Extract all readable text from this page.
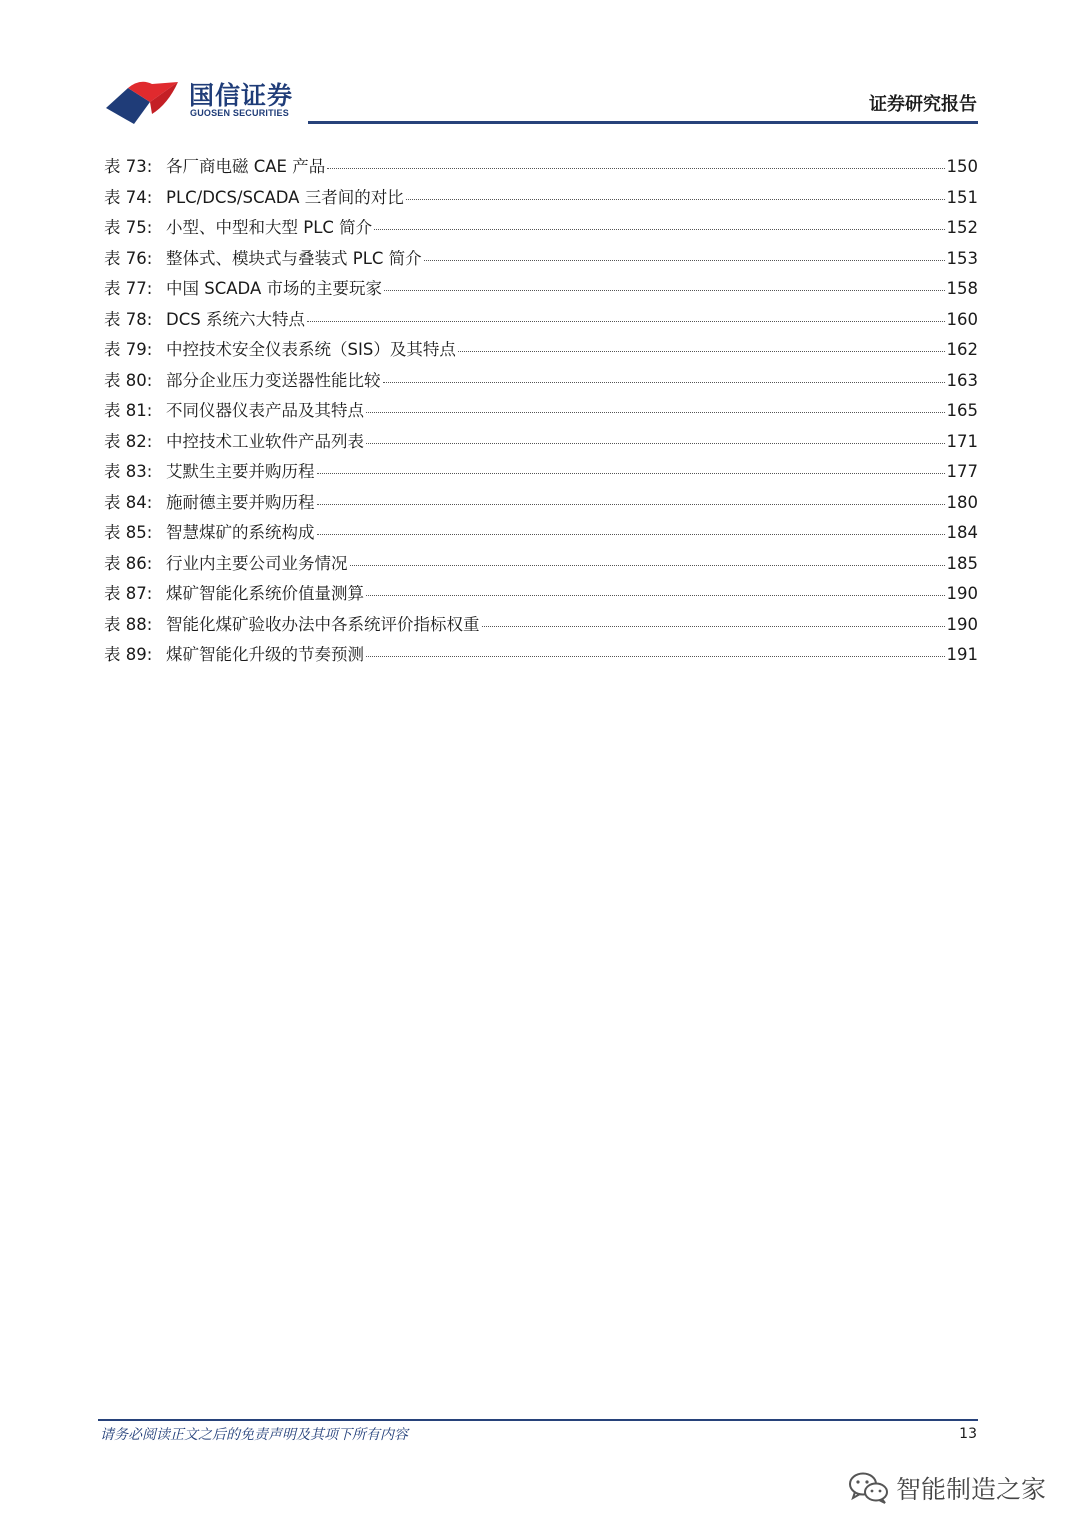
国信证券
GUOSEN SECURITIES	证券研究报告
表 73: 各厂商电磁 CAE 产品	150
表 74: PLC/DCS/SCADA 三者间的对比	151
表 75: 小型、中型和大型 PLC 简介	152
表 76: 整体式、模块式与叠装式 PLC 简介	153
表 77: 中国 SCADA 市场的主要玩家	158
表 78: DCS 系统六大特点	160
表 79: 中控技术安全仪表系统（SIS）及其特点	162
表 80: 部分企业压力变送器性能比较	163
表 81: 不同仪器仪表产品及其特点	165
表 82: 中控技术工业软件产品列表	171
表 83: 艾默生主要并购历程	177
表 84: 施耐德主要并购历程	180
表 85: 智慧煤矿的系统构成	184
表 86: 行业内主要公司业务情况	185
表 87: 煤矿智能化系统价值量测算	190
表 88: 智能化煤矿验收办法中各系统评价指标权重	190
表 89: 煤矿智能化升级的节奏预测	191
请务必阅读正文之后的免责声明及其项下所有内容	13
智能制造之家
